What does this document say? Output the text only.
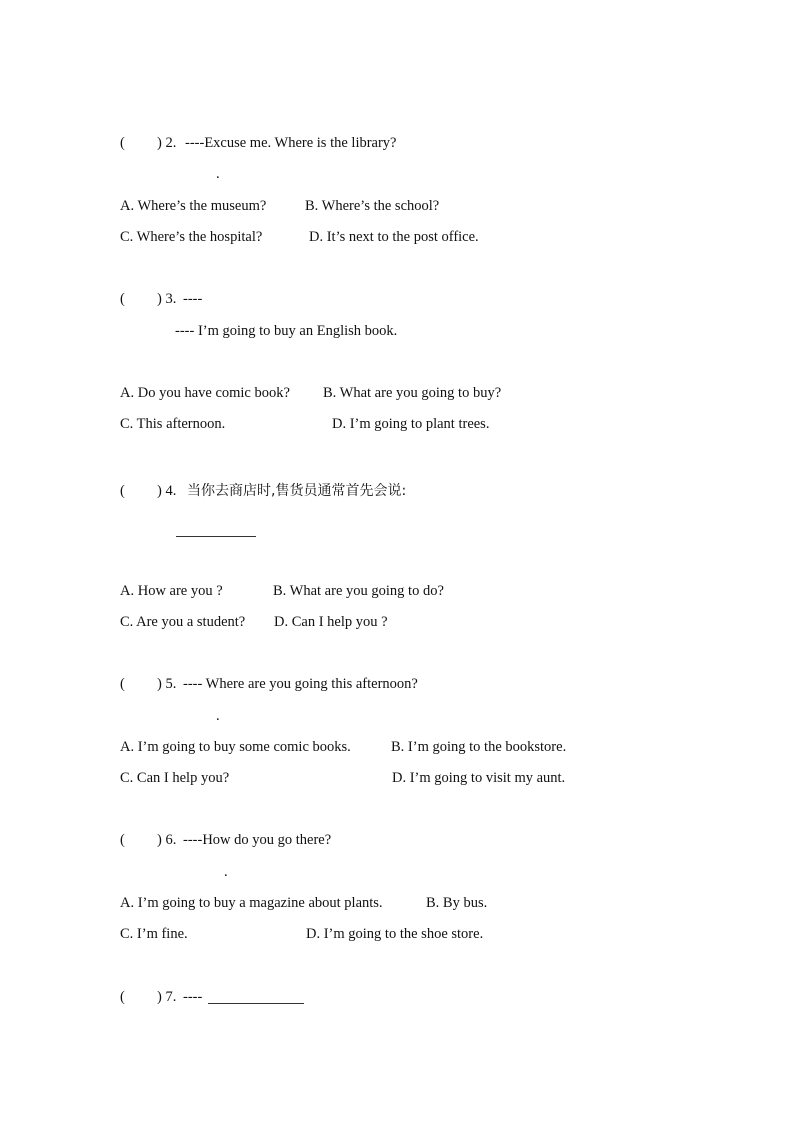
( ) 2. ----Excuse me. Where is the library?
.
A. Where’s the museum?	B. Where’s the school?
C. Where’s the hospital?	D. It’s next to the post office.
( ) 3. ----
---- I’m going to buy an English book.
A. Do you have comic book? B. What are you going to buy?
C. This afternoon.	D. I’m going to plant trees.
( ) 4. 当你去商店时,售货员通常首先会说:
A. How are you ?	B. What are you going to do?
C. Are you a student? D. Can I help you ?
( ) 5. ---- Where are you going this afternoon?
.
A. I’m going to buy some comic books.	B. I’m going to the bookstore.
C. Can I help you?	D. I’m going to visit my aunt.
( ) 6. ----How do you go there?
.
A. I’m going to buy a magazine about plants.	B. By bus.
C. I’m fine.	D. I’m going to the shoe store.
( ) 7. ----
